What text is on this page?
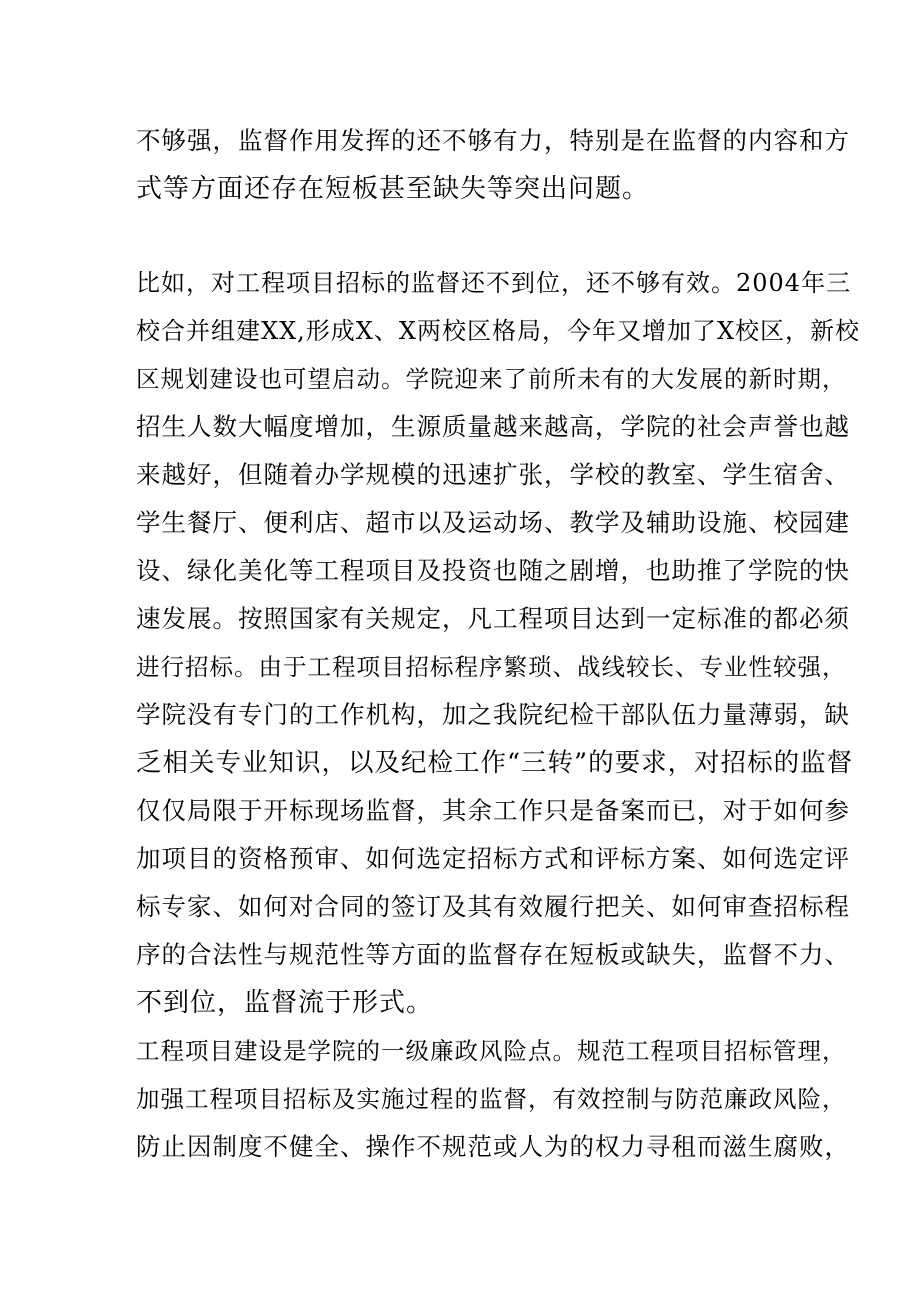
不够强，监督作用发挥的还不够有力，特别是在监督的内容和方
式等方面还存在短板甚至缺失等突出问题。
比如，对工程项目招标的监督还不到位，还不够有效。2004年三
校合并组建XX,形成X、X两校区格局，今年又增加了X校区，新校
区规划建设也可望启动。学院迎来了前所未有的大发展的新时期，
招生人数大幅度增加，生源质量越来越高，学院的社会声誉也越
来越好，但随着办学规模的迅速扩张，学校的教室、学生宿舍、
学生餐厅、便利店、超市以及运动场、教学及辅助设施、校园建
设、绿化美化等工程项目及投资也随之剧增，也助推了学院的快
速发展。按照国家有关规定，凡工程项目达到一定标准的都必须
进行招标。由于工程项目招标程序繁琐、战线较长、专业性较强，
学院没有专门的工作机构，加之我院纪检干部队伍力量薄弱，缺
乏相关专业知识，以及纪检工作“三转”的要求，对招标的监督
仅仅局限于开标现场监督，其余工作只是备案而已，对于如何参
加项目的资格预审、如何选定招标方式和评标方案、如何选定评
标专家、如何对合同的签订及其有效履行把关、如何审查招标程
序的合法性与规范性等方面的监督存在短板或缺失，监督不力、
不到位，监督流于形式。
工程项目建设是学院的一级廉政风险点。规范工程项目招标管理，
加强工程项目招标及实施过程的监督，有效控制与防范廉政风险，
防止因制度不健全、操作不规范或人为的权力寻租而滋生腐败，
